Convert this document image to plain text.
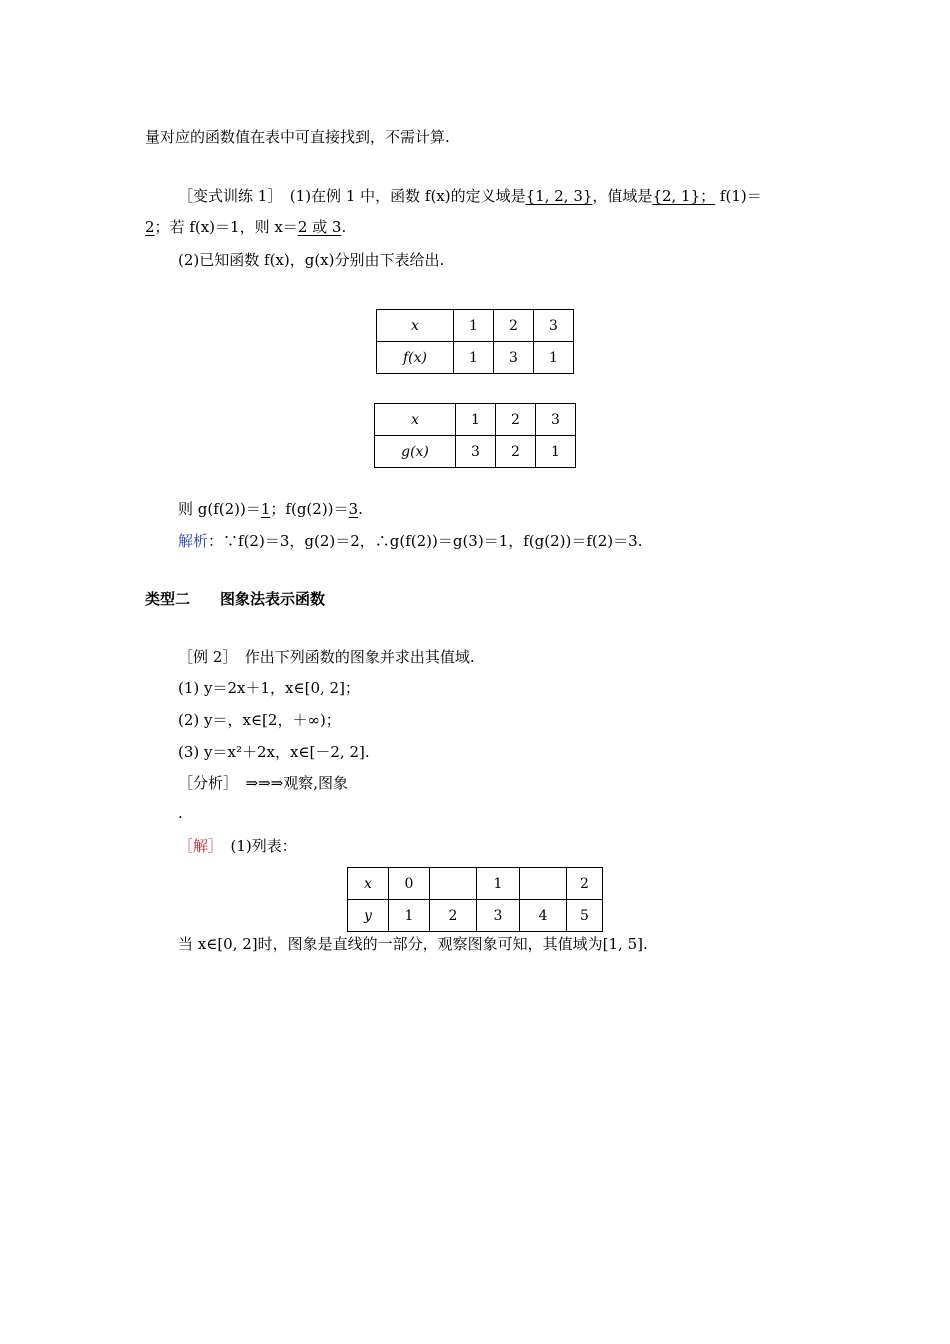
量对应的函数值在表中可直接找到，不需计算.
［变式训练 1］　(1)在例 1 中，函数 f(x)的定义域是{1, 2, 3}，值域是{2, 1}； f(1)＝
2；若 f(x)＝1，则 x＝2 或 3.
(2)已知函数 f(x)，g(x)分别由下表给出.
x	1	2	3
f(x)	1	3	1
x	1	2	3
g(x)	3	2	1
则 g(f(2))＝1；f(g(2))＝3.
解析：∵f(2)＝3，g(2)＝2，∴g(f(2))＝g(3)＝1，f(g(2))＝f(2)＝3.
类型二　　图象法表示函数
［例 2］　作出下列函数的图象并求出其值域.
(1) y＝2x＋1，x∈[0, 2]；
(2) y＝，x∈[2，＋∞)；
(3) y＝x²＋2x，x∈[－2, 2].
［分析］　⇒⇒⇒观察,图象
.
［解］　(1)列表：
x	0		1		2
y	1	2	3	4	5
当 x∈[0, 2]时，图象是直线的一部分，观察图象可知，其值域为[1, 5].
